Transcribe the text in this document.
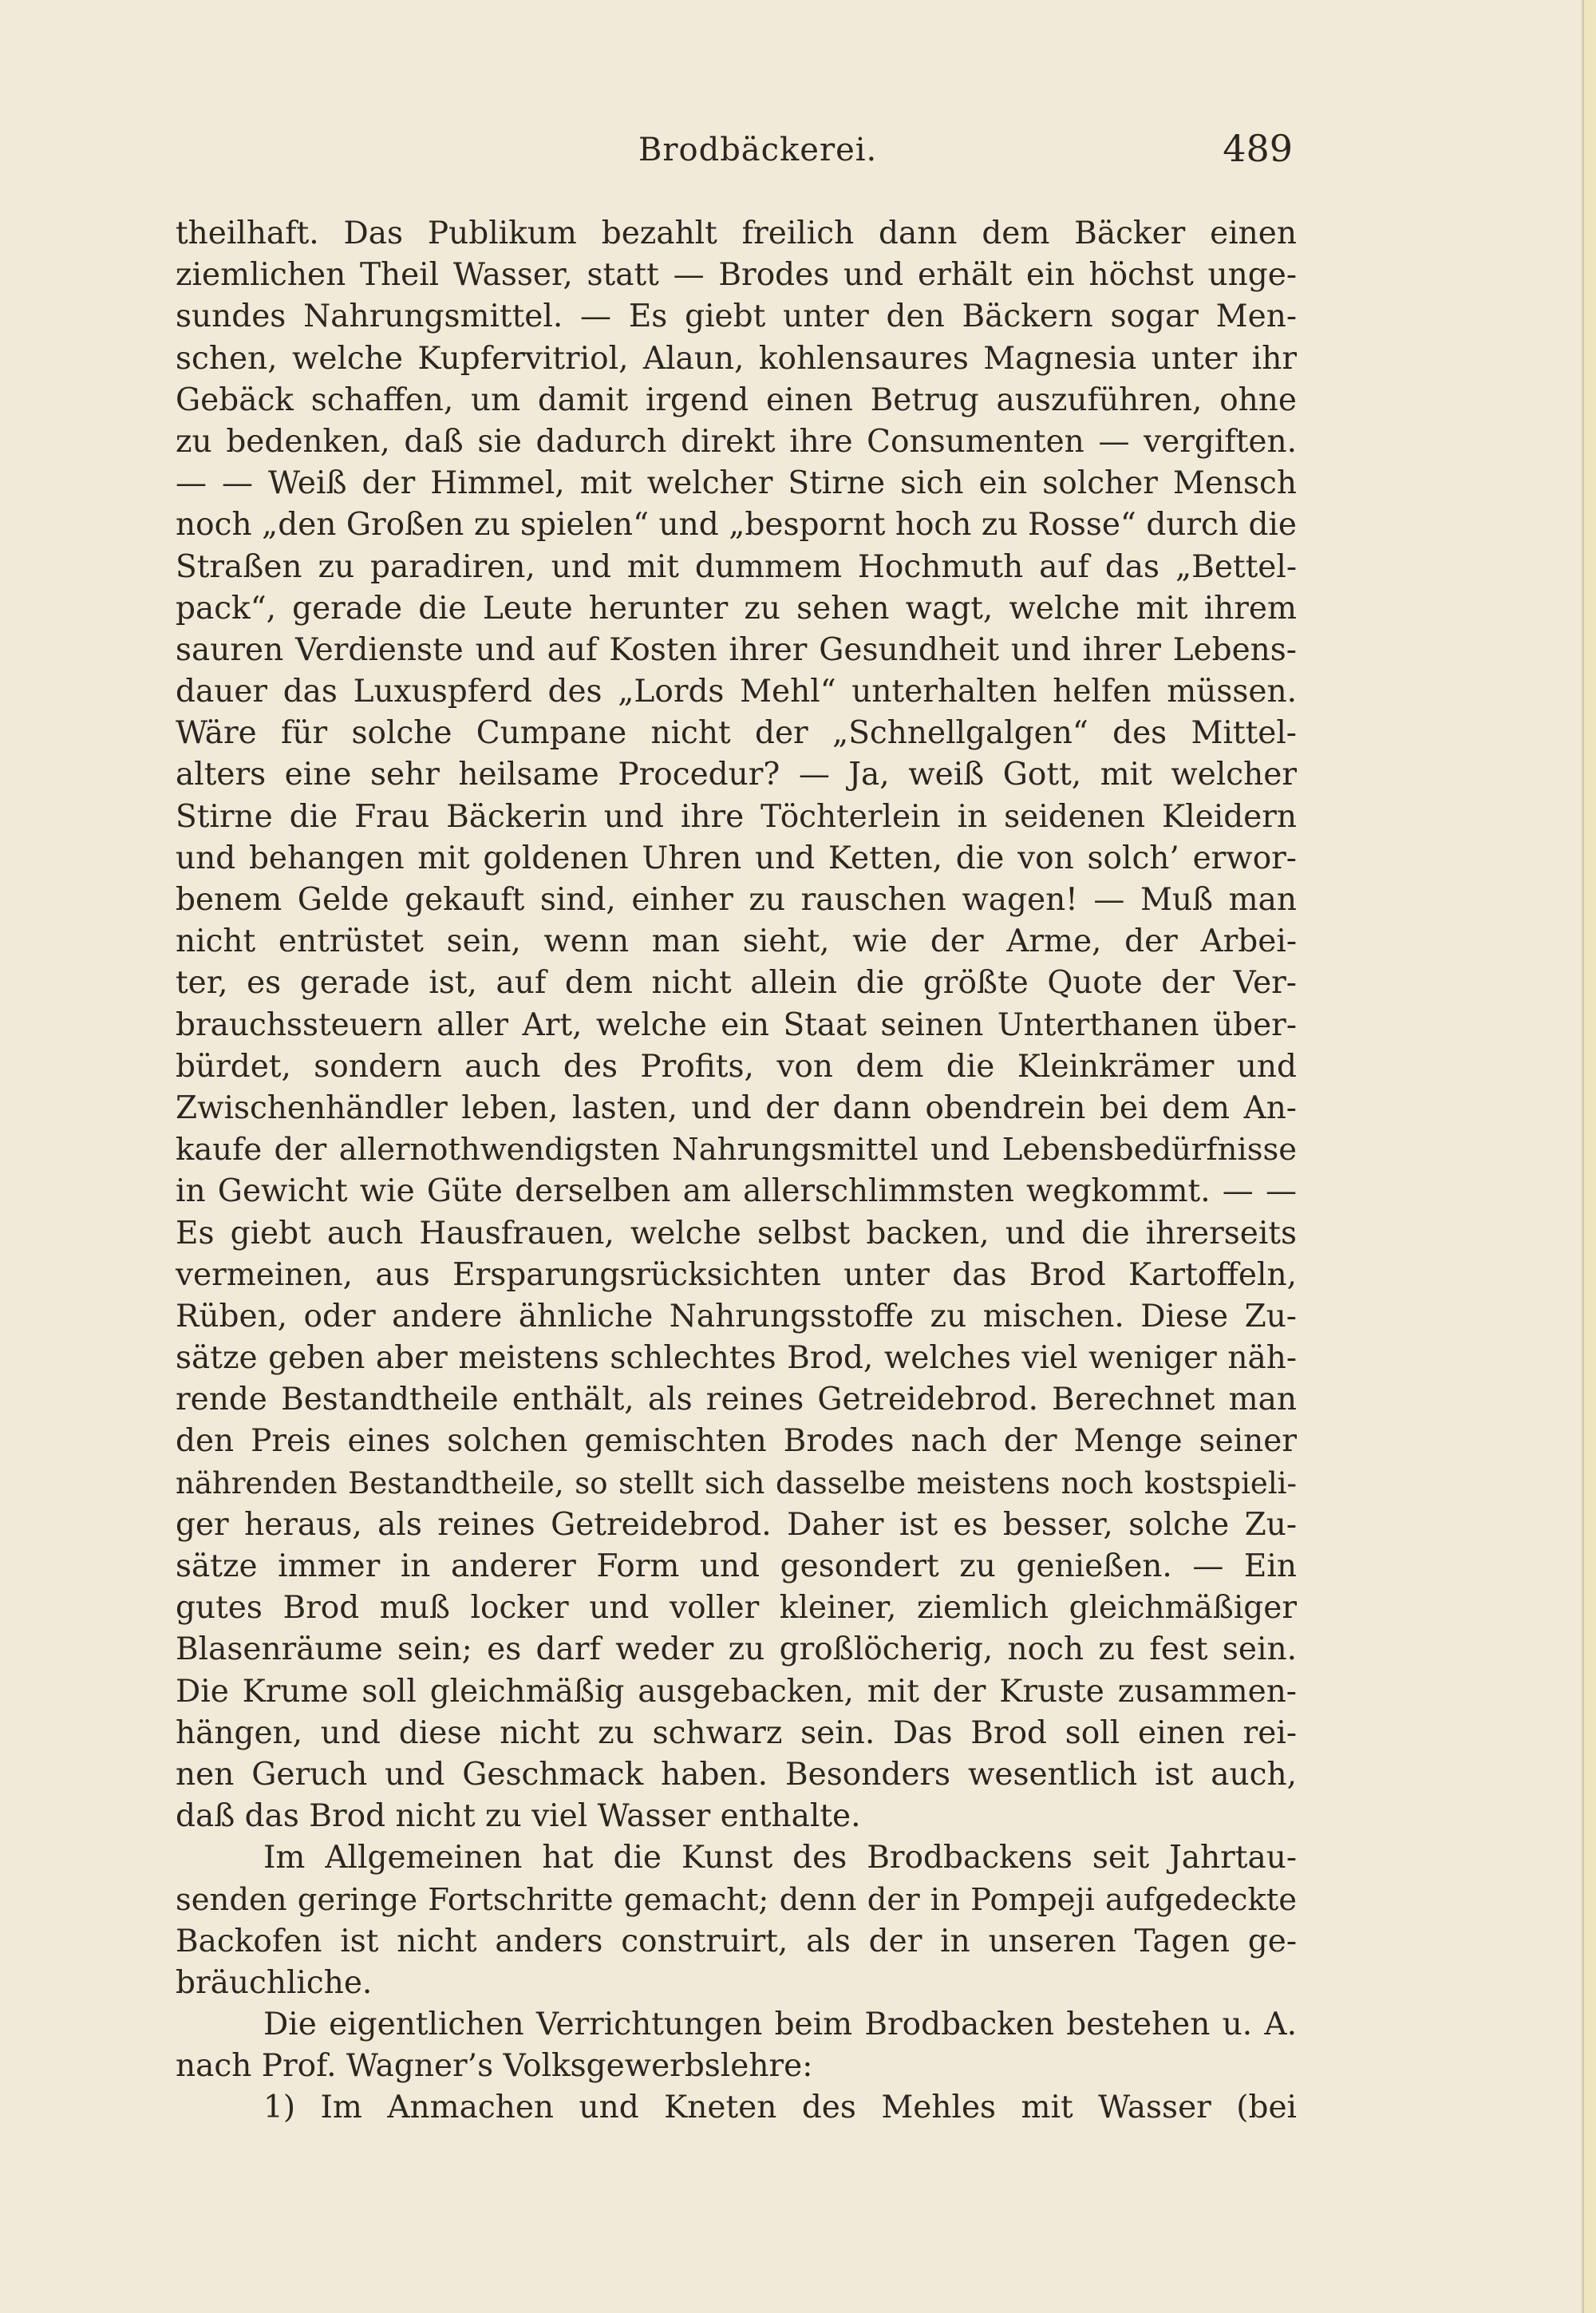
Brodbäckerei.	489
theilhaft. Das Publikum bezahlt freilich dann dem Bäcker einen
ziemlichen Theil Wasser, statt — Brodes und erhält ein höchst unge-
sundes Nahrungsmittel. — Es giebt unter den Bäckern sogar Men-
schen, welche Kupfervitriol, Alaun, kohlensaures Magnesia unter ihr
Gebäck schaffen, um damit irgend einen Betrug auszuführen, ohne
zu bedenken, daß sie dadurch direkt ihre Consumenten — vergiften.
— — Weiß der Himmel, mit welcher Stirne sich ein solcher Mensch
noch „den Großen zu spielen“ und „bespornt hoch zu Rosse“ durch die
Straßen zu paradiren, und mit dummem Hochmuth auf das „Bettel-
pack“, gerade die Leute herunter zu sehen wagt, welche mit ihrem
sauren Verdienste und auf Kosten ihrer Gesundheit und ihrer Lebens-
dauer das Luxuspferd des „Lords Mehl“ unterhalten helfen müssen.
Wäre für solche Cumpane nicht der „Schnellgalgen“ des Mittel-
alters eine sehr heilsame Procedur? — Ja, weiß Gott, mit welcher
Stirne die Frau Bäckerin und ihre Töchterlein in seidenen Kleidern
und behangen mit goldenen Uhren und Ketten, die von solch’ erwor-
benem Gelde gekauft sind, einher zu rauschen wagen! — Muß man
nicht entrüstet sein, wenn man sieht, wie der Arme, der Arbei-
ter, es gerade ist, auf dem nicht allein die größte Quote der Ver-
brauchssteuern aller Art, welche ein Staat seinen Unterthanen über-
bürdet, sondern auch des Profits, von dem die Kleinkrämer und
Zwischenhändler leben, lasten, und der dann obendrein bei dem An-
kaufe der allernothwendigsten Nahrungsmittel und Lebensbedürfnisse
in Gewicht wie Güte derselben am allerschlimmsten wegkommt. — —
Es giebt auch Hausfrauen, welche selbst backen, und die ihrerseits
vermeinen, aus Ersparungsrücksichten unter das Brod Kartoffeln,
Rüben, oder andere ähnliche Nahrungsstoffe zu mischen. Diese Zu-
sätze geben aber meistens schlechtes Brod, welches viel weniger näh-
rende Bestandtheile enthält, als reines Getreidebrod. Berechnet man
den Preis eines solchen gemischten Brodes nach der Menge seiner
nährenden Bestandtheile, so stellt sich dasselbe meistens noch kostspieli-
ger heraus, als reines Getreidebrod. Daher ist es besser, solche Zu-
sätze immer in anderer Form und gesondert zu genießen. — Ein
gutes Brod muß locker und voller kleiner, ziemlich gleichmäßiger
Blasenräume sein; es darf weder zu großlöcherig, noch zu fest sein.
Die Krume soll gleichmäßig ausgebacken, mit der Kruste zusammen-
hängen, und diese nicht zu schwarz sein. Das Brod soll einen rei-
nen Geruch und Geschmack haben. Besonders wesentlich ist auch,
daß das Brod nicht zu viel Wasser enthalte.
Im Allgemeinen hat die Kunst des Brodbackens seit Jahrtau-
senden geringe Fortschritte gemacht; denn der in Pompeji aufgedeckte
Backofen ist nicht anders construirt, als der in unseren Tagen ge-
bräuchliche.
Die eigentlichen Verrichtungen beim Brodbacken bestehen u. A.
nach Prof. Wagner’s Volksgewerbslehre:
1) Im Anmachen und Kneten des Mehles mit Wasser (bei
